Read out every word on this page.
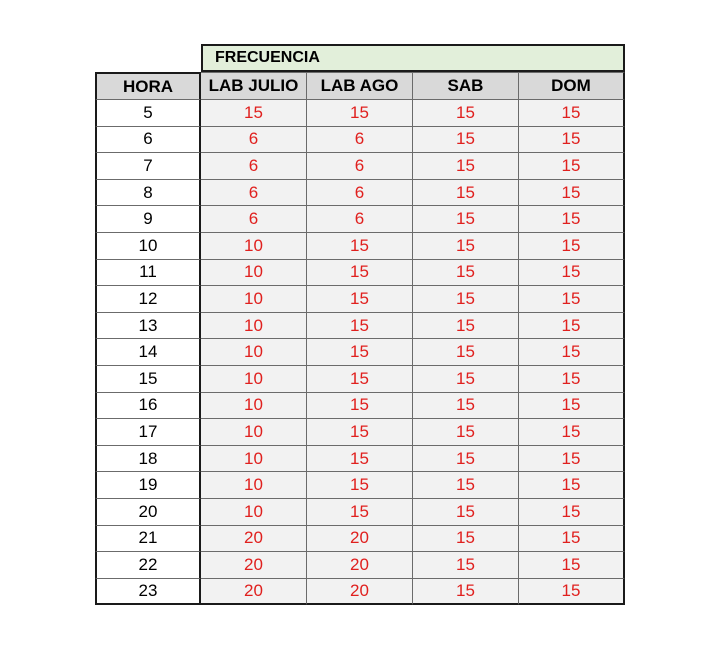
FRECUENCIA
HORA	LAB JULIO	LAB AGO	SAB	DOM
5	15	15	15	15
6	6	6	15	15
7	6	6	15	15
8	6	6	15	15
9	6	6	15	15
10	10	15	15	15
11	10	15	15	15
12	10	15	15	15
13	10	15	15	15
14	10	15	15	15
15	10	15	15	15
16	10	15	15	15
17	10	15	15	15
18	10	15	15	15
19	10	15	15	15
20	10	15	15	15
21	20	20	15	15
22	20	20	15	15
23	20	20	15	15
